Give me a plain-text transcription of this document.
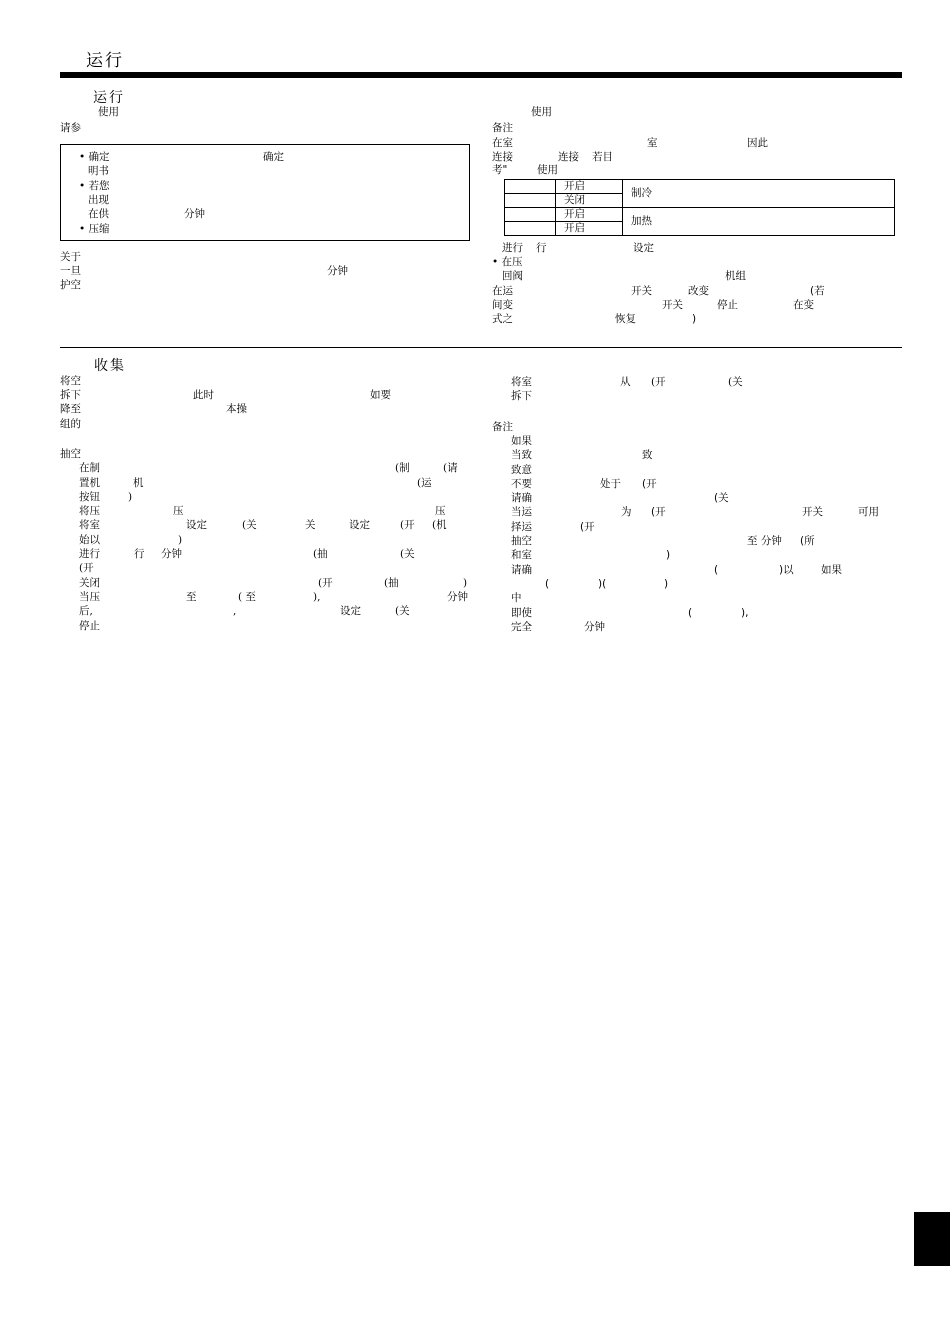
运行
运行
使用
请参
• 确定	确定
明书
• 若您
出现
在供	分钟
• 压缩
关于
一旦	分钟
护空
使用
备注
在室	室	因此
连接	连接 若目
考"	使用
	开启	制冷
	关闭	
	开启	加热
	开启	
进行 行	设定
• 在压
回阀	机组
在运	开关	改变	(若
间变	开关	停止	在变
式之	恢复	)
收集
将空
拆下	此时	如要
降至	本操
组的
抽空
在制	(制	(请
置机	机	(运
按钮	)
将压	压	压
将室	设定	(关	关	设定	(开 (机
始以	)
进行	行 分钟	(抽	(关
(开
关闭	(开	(抽	)
当压	至	( 至	),	分钟
后,	,	设定	(关
停止
将室	从 (开	(关
拆下
备注
如果
当致	致
致意
不要	处于 (开
请确	(关
当运	为 (开	开关	可用
择运	(开
抽空	至 分钟 (所
和室	)
请确	(	)以	如果
(	)(	)
中
即使	(	),
完全	分钟
